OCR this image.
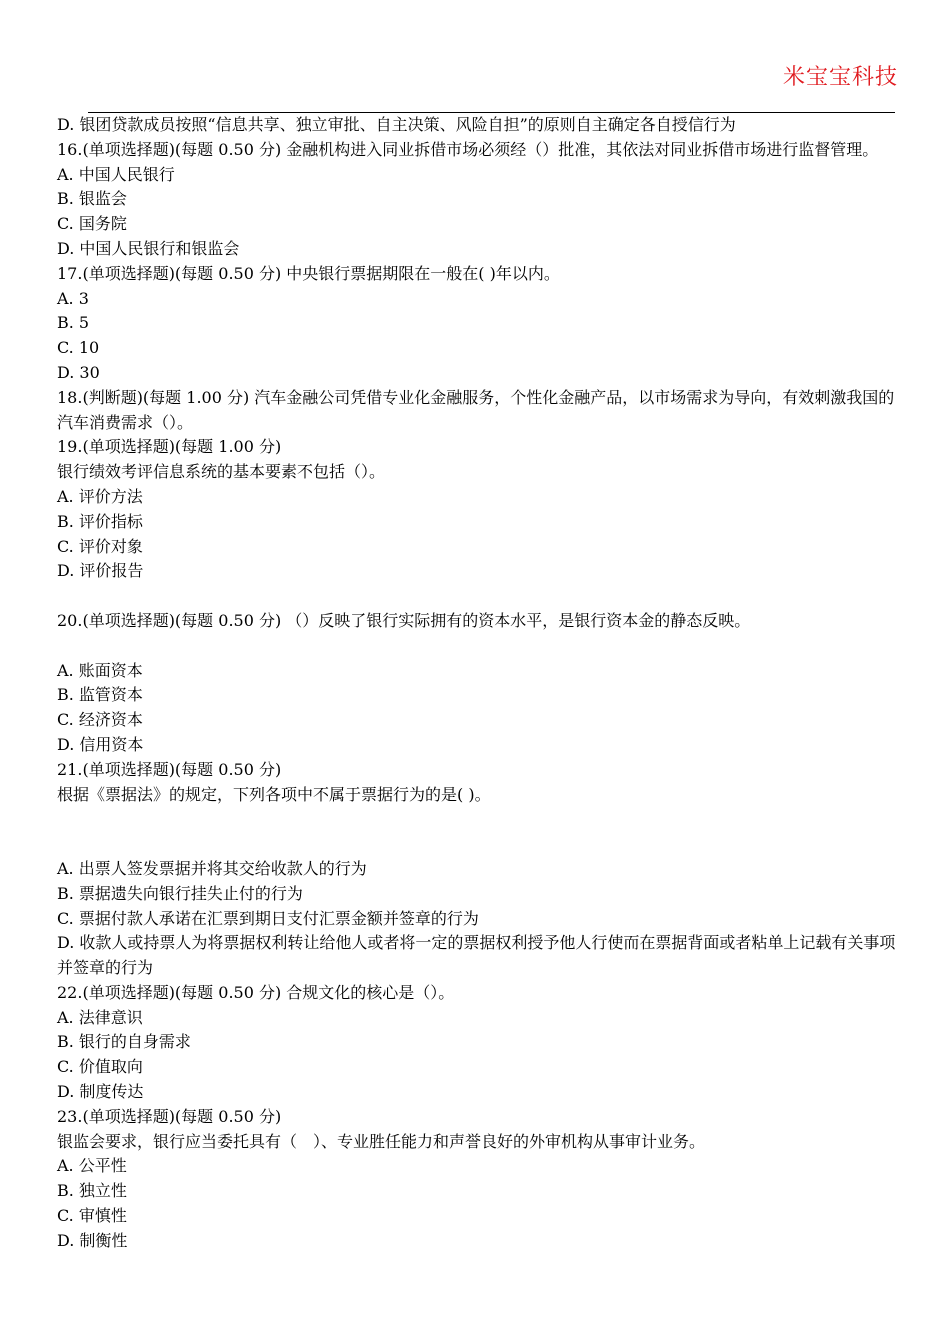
米宝宝科技
D. 银团贷款成员按照“信息共享、独立审批、自主决策、风险自担”的原则自主确定各自授信行为
16.(单项选择题)(每题 0.50 分) 金融机构进入同业拆借市场必须经（）批准，其依法对同业拆借市场进行监督管理。
A. 中国人民银行
B. 银监会
C. 国务院
D. 中国人民银行和银监会
17.(单项选择题)(每题 0.50 分) 中央银行票据期限在一般在( )年以内。
A. 3
B. 5
C. 10
D. 30
18.(判断题)(每题 1.00 分) 汽车金融公司凭借专业化金融服务，个性化金融产品，以市场需求为导向，有效刺激我国的汽车消费需求（）。
19.(单项选择题)(每题 1.00 分)
银行绩效考评信息系统的基本要素不包括（）。
A. 评价方法
B. 评价指标
C. 评价对象
D. 评价报告
20.(单项选择题)(每题 0.50 分) （）反映了银行实际拥有的资本水平，是银行资本金的静态反映。
A. 账面资本
B. 监管资本
C. 经济资本
D. 信用资本
21.(单项选择题)(每题 0.50 分)
根据《票据法》的规定，下列各项中不属于票据行为的是( )。
A. 出票人签发票据并将其交给收款人的行为
B. 票据遗失向银行挂失止付的行为
C. 票据付款人承诺在汇票到期日支付汇票金额并签章的行为
D. 收款人或持票人为将票据权利转让给他人或者将一定的票据权利授予他人行使而在票据背面或者粘单上记载有关事项并签章的行为
22.(单项选择题)(每题 0.50 分) 合规文化的核心是（）。
A. 法律意识
B. 银行的自身需求
C. 价值取向
D. 制度传达
23.(单项选择题)(每题 0.50 分)
银监会要求，银行应当委托具有（　）、专业胜任能力和声誉良好的外审机构从事审计业务。
A. 公平性
B. 独立性
C. 审慎性
D. 制衡性
